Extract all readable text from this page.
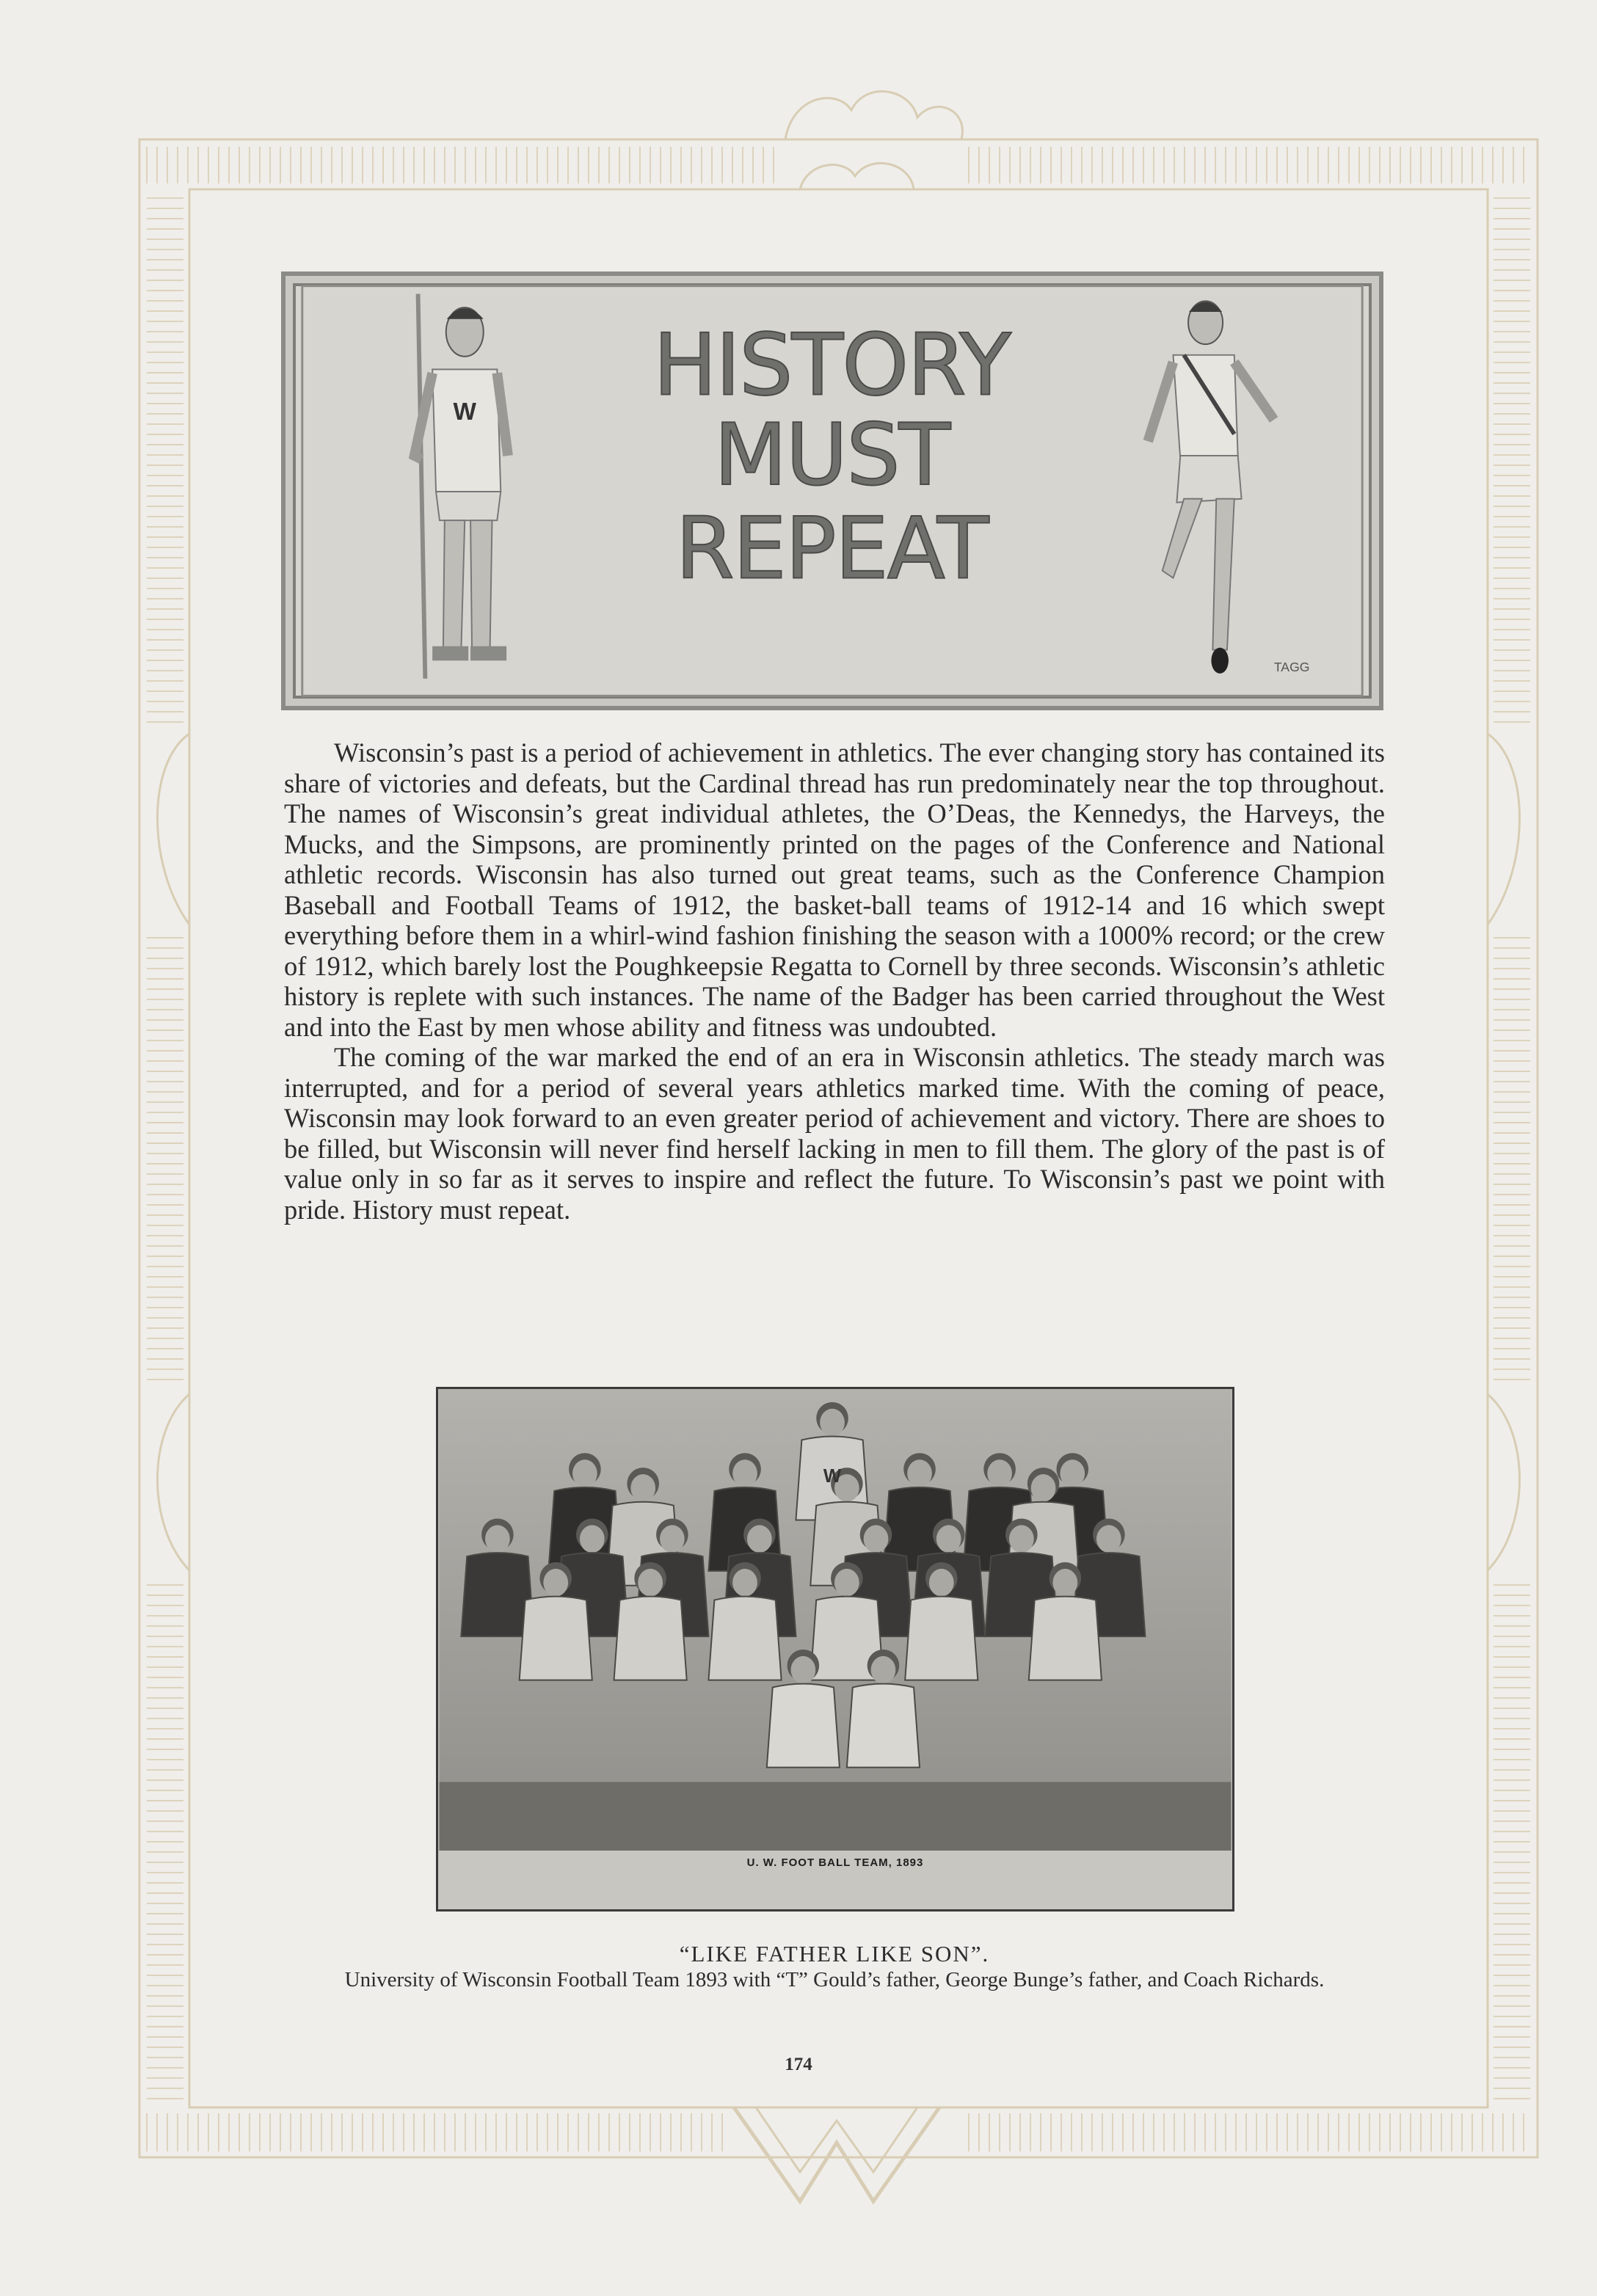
W HISTORY
MUST
REPEAT
TAGG

Wisconsin’s past is a period of achievement in athletics. The ever changing story has contained its share of victories and defeats, but the Cardinal thread has run predominately near the top throughout. The names of Wisconsin’s great individual athletes, the O’Deas, the Kennedys, the Harveys, the Mucks, and the Simpsons, are prominently printed on the pages of the Conference and National athletic records. Wisconsin has also turned out great teams, such as the Conference Champion Baseball and Football Teams of 1912, the basket-ball teams of 1912-14 and 16 which swept everything before them in a whirl-wind fashion finishing the season with a 1000% record; or the crew of 1912, which barely lost the Poughkeepsie Regatta to Cornell by three seconds. Wisconsin’s athletic history is replete with such instances. The name of the Badger has been carried throughout the West and into the East by men whose ability and fitness was undoubted.

The coming of the war marked the end of an era in Wisconsin athletics. The steady march was interrupted, and for a period of several years athletics marked time. With the coming of peace, Wisconsin may look forward to an even greater period of achievement and victory. There are shoes to be filled, but Wisconsin will never find herself lacking in men to fill them. The glory of the past is of value only in so far as it serves to inspire and reflect the future. To Wisconsin’s past we point with pride. History must repeat.

W
U. W. FOOT BALL TEAM, 1893
“LIKE FATHER LIKE SON”.
University of Wisconsin Football Team 1893 with “T” Gould’s father, George Bunge’s father, and Coach Richards.
174
